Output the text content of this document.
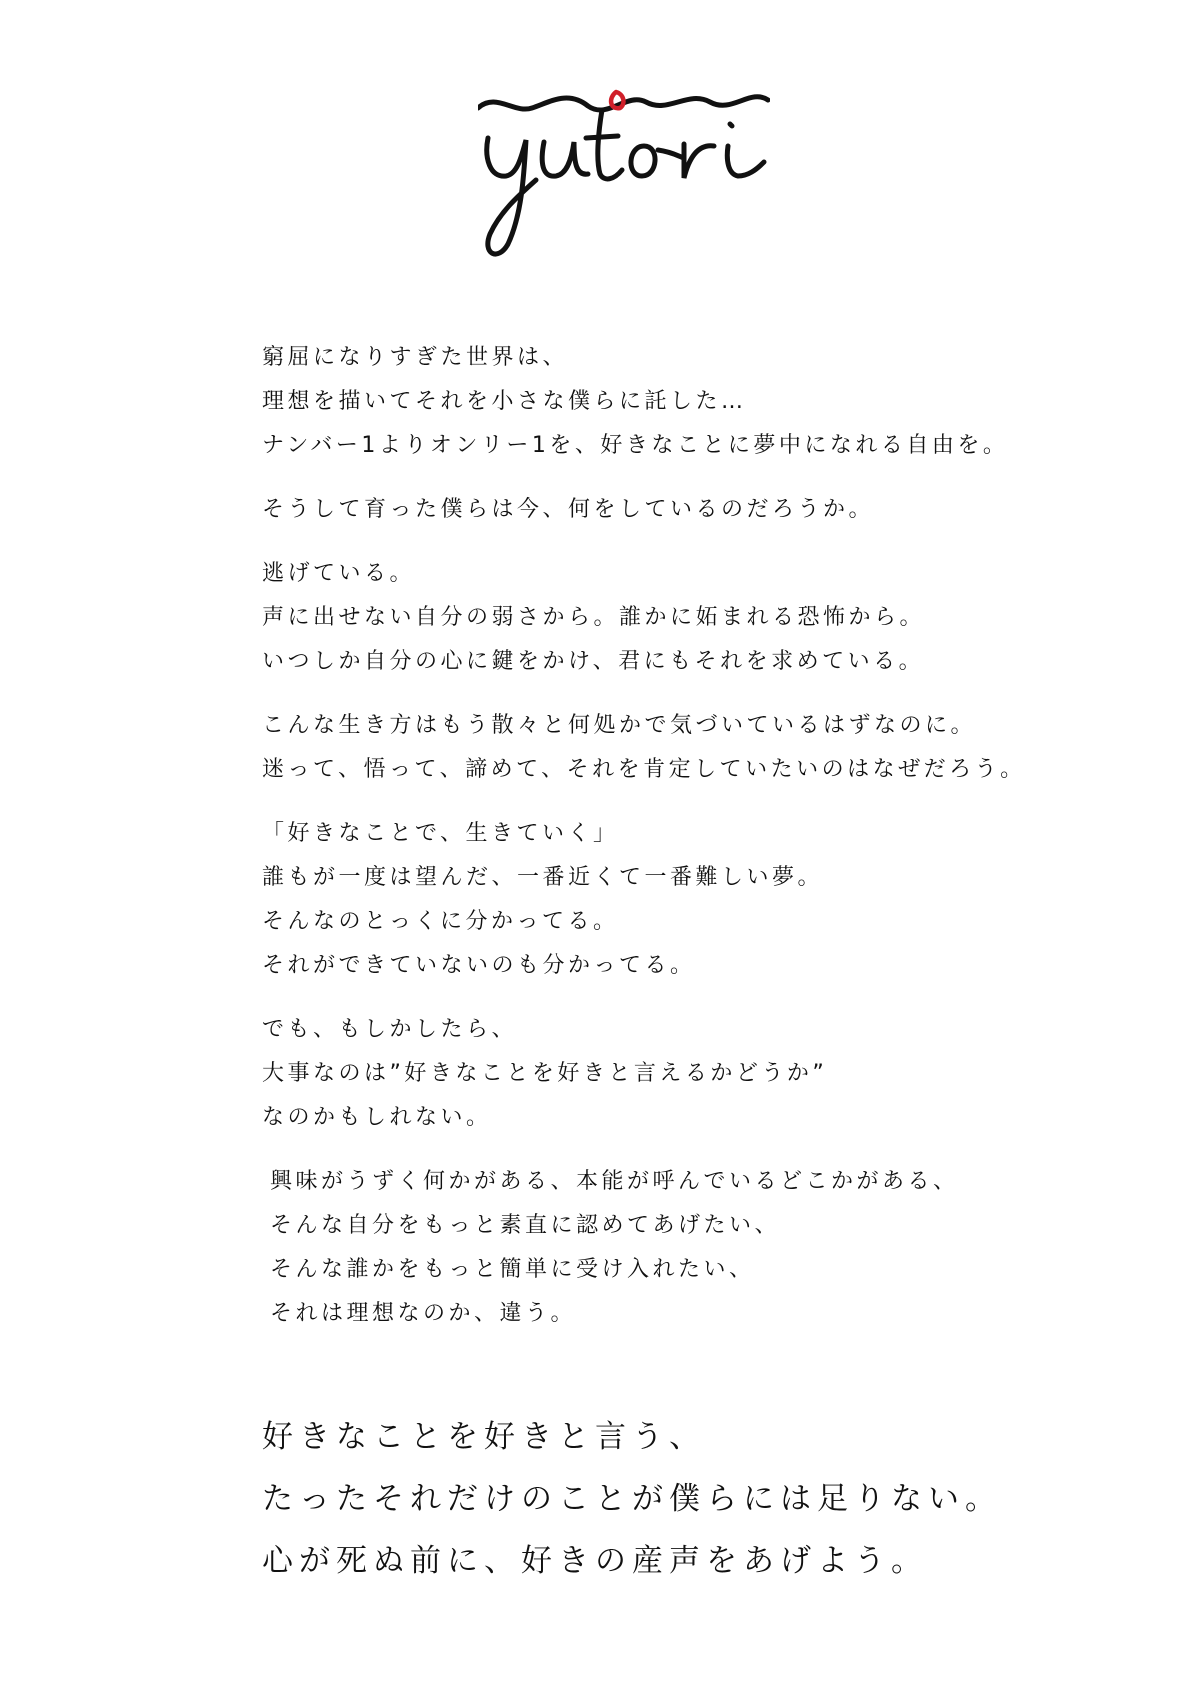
yutori
窮屈になりすぎた世界は、
理想を描いてそれを小さな僕らに託した…
ナンバー1よりオンリー1を、好きなことに夢中になれる自由を。
そうして育った僕らは今、何をしているのだろうか。
逃げている。
声に出せない自分の弱さから。誰かに妬まれる恐怖から。
いつしか自分の心に鍵をかけ、君にもそれを求めている。
こんな生き方はもう散々と何処かで気づいているはずなのに。
迷って、悟って、諦めて、それを肯定していたいのはなぜだろう。
「好きなことで、生きていく」
誰もが一度は望んだ、一番近くて一番難しい夢。
そんなのとっくに分かってる。
それができていないのも分かってる。
でも、もしかしたら、
大事なのは”好きなことを好きと言えるかどうか”
なのかもしれない。
興味がうずく何かがある、本能が呼んでいるどこかがある、
そんな自分をもっと素直に認めてあげたい、
そんな誰かをもっと簡単に受け入れたい、
それは理想なのか、違う。
好きなことを好きと言う、
たったそれだけのことが僕らには足りない。
心が死ぬ前に、好きの産声をあげよう。
